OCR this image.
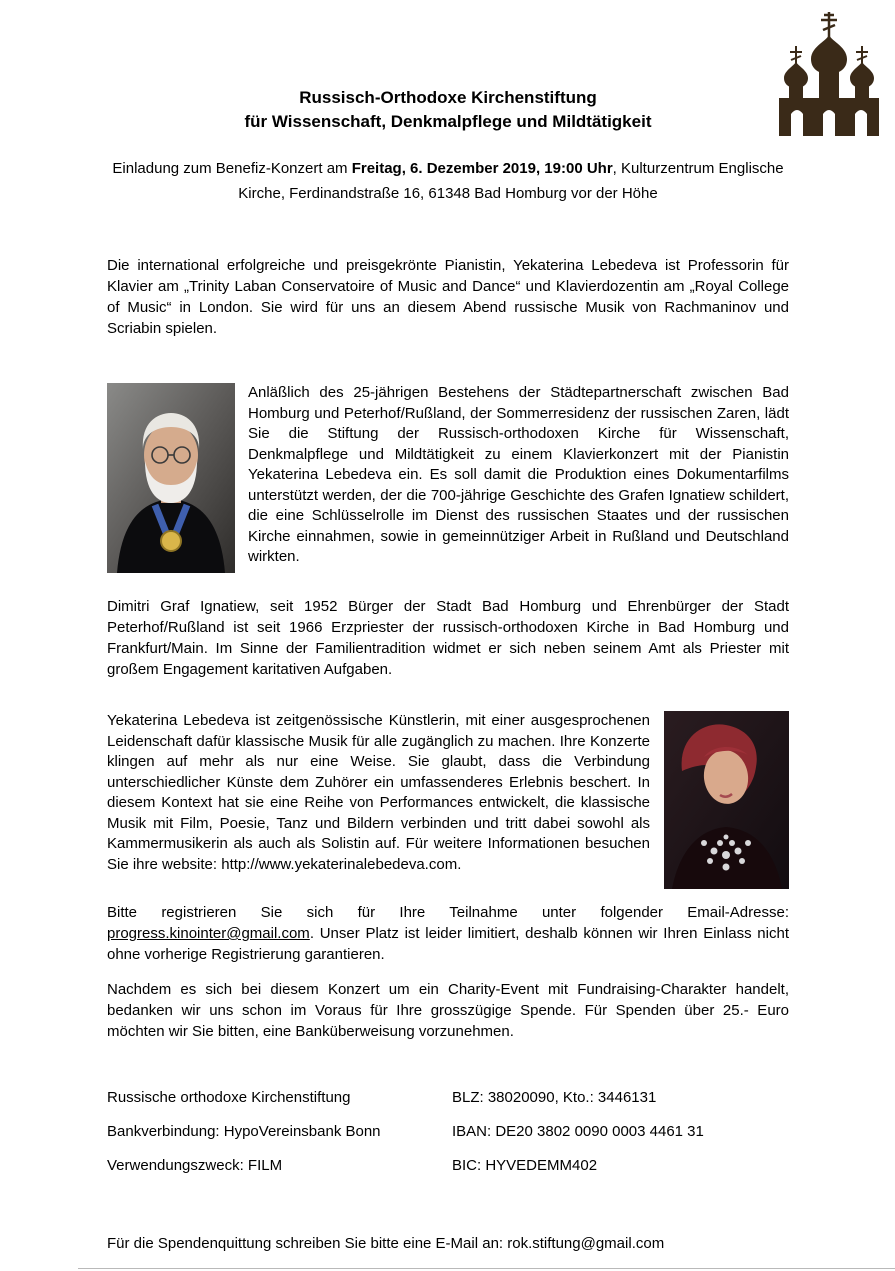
Russisch-Orthodoxe Kirchenstiftung
für Wissenschaft, Denkmalpflege und Mildtätigkeit

Einladung zum Benefiz-Konzert am Freitag, 6. Dezember 2019, 19:00 Uhr, Kulturzentrum Englische Kirche, Ferdinandstraße 16, 61348 Bad Homburg vor der Höhe

Die international erfolgreiche und preisgekrönte Pianistin, Yekaterina Lebedeva ist Professorin für Klavier am „Trinity Laban Conservatoire of Music and Dance“ und Klavierdozentin am „Royal College of Music“ in London. Sie wird für uns an diesem Abend russische Musik von Rachmaninov und Scriabin spielen.

Anläßlich des 25-jährigen Bestehens der Städtepartnerschaft zwischen Bad Homburg und Peterhof/Rußland, der Sommerresidenz der russischen Zaren, lädt Sie die Stiftung der Russisch-orthodoxen Kirche für Wissenschaft, Denkmalpflege und Mildtätigkeit zu einem Klavierkonzert mit der Pianistin Yekaterina Lebedeva ein. Es soll damit die Produktion eines Dokumentarfilms unterstützt werden, der die 700-jährige Geschichte des Grafen Ignatiew schildert, die eine Schlüsselrolle im Dienst des russischen Staates und der russischen Kirche einnahmen, sowie in gemeinnütziger Arbeit in Rußland und Deutschland wirkten.

Dimitri Graf Ignatiew, seit 1952 Bürger der Stadt Bad Homburg und Ehrenbürger der Stadt Peterhof/Rußland ist seit 1966 Erzpriester der russisch-orthodoxen Kirche in Bad Homburg und Frankfurt/Main. Im Sinne der Familientradition widmet er sich neben seinem Amt als Priester mit großem Engagement karitativen Aufgaben.

Yekaterina Lebedeva ist zeitgenössische Künstlerin, mit einer ausgesprochenen Leidenschaft dafür klassische Musik für alle zugänglich zu machen. Ihre Konzerte klingen auf mehr als nur eine Weise. Sie glaubt, dass die Verbindung unterschiedlicher Künste dem Zuhörer ein umfassenderes Erlebnis beschert. In diesem Kontext hat sie eine Reihe von Performances entwickelt, die klassische Musik mit Film, Poesie, Tanz und Bildern verbinden und tritt dabei sowohl als Kammermusikerin als auch als Solistin auf. Für weitere Informationen besuchen Sie ihre website: http://www.yekaterinalebedeva.com.

Bitte registrieren Sie sich für Ihre Teilnahme unter folgender Email-Adresse: progress.kinointer@gmail.com. Unser Platz ist leider limitiert, deshalb können wir Ihren Einlass nicht ohne vorherige Registrierung garantieren.

Nachdem es sich bei diesem Konzert um ein Charity-Event mit Fundraising-Charakter handelt, bedanken wir uns schon im Voraus für Ihre grosszügige Spende. Für Spenden über 25.- Euro möchten wir Sie bitten, eine Banküberweisung vorzunehmen.

Russische orthodoxe Kirchenstiftung	BLZ: 38020090, Kto.: 3446131
Bankverbindung: HypoVereinsbank Bonn	IBAN: DE20 3802 0090 0003 4461 31
Verwendungszweck: FILM	BIC: HYVEDEMM402

Für die Spendenquittung schreiben Sie bitte eine E-Mail an: rok.stiftung@gmail.com
